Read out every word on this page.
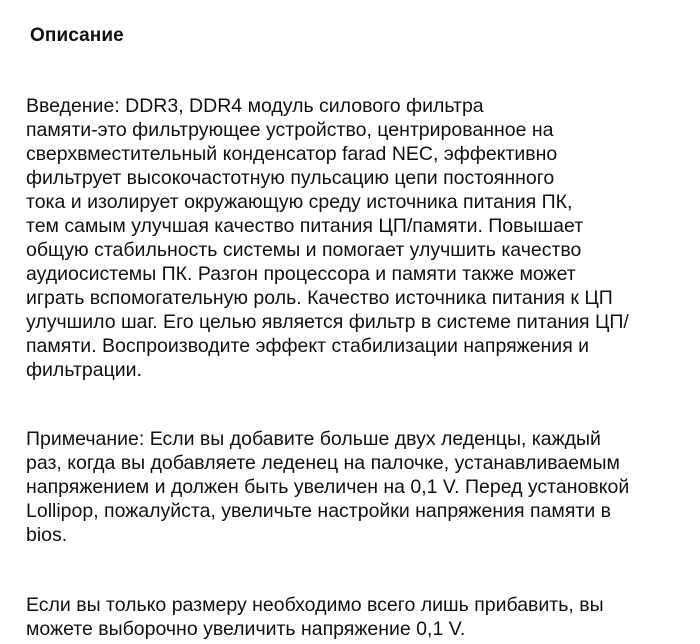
Описание

Введение: DDR3, DDR4 модуль силового фильтра
памяти-это фильтрующее устройство, центрированное на
сверхвместительный конденсатор farad NEC, эффективно
фильтрует высокочастотную пульсацию цепи постоянного
тока и изолирует окружающую среду источника питания ПК,
тем самым улучшая качество питания ЦП/памяти. Повышает
общую стабильность системы и помогает улучшить качество
аудиосистемы ПК. Разгон процессора и памяти также может
играть вспомогательную роль. Качество источника питания к ЦП
улучшило шаг. Его целью является фильтр в системе питания ЦП/
памяти. Воспроизводите эффект стабилизации напряжения и
фильтрации.

Примечание: Если вы добавите больше двух леденцы, каждый
раз, когда вы добавляете леденец на палочке, устанавливаемым
напряжением и должен быть увеличен на 0,1 V. Перед установкой
Lollipop, пожалуйста, увеличьте настройки напряжения памяти в
bios.

Если вы только размеру необходимо всего лишь прибавить, вы
можете выборочно увеличить напряжение 0,1 V.
